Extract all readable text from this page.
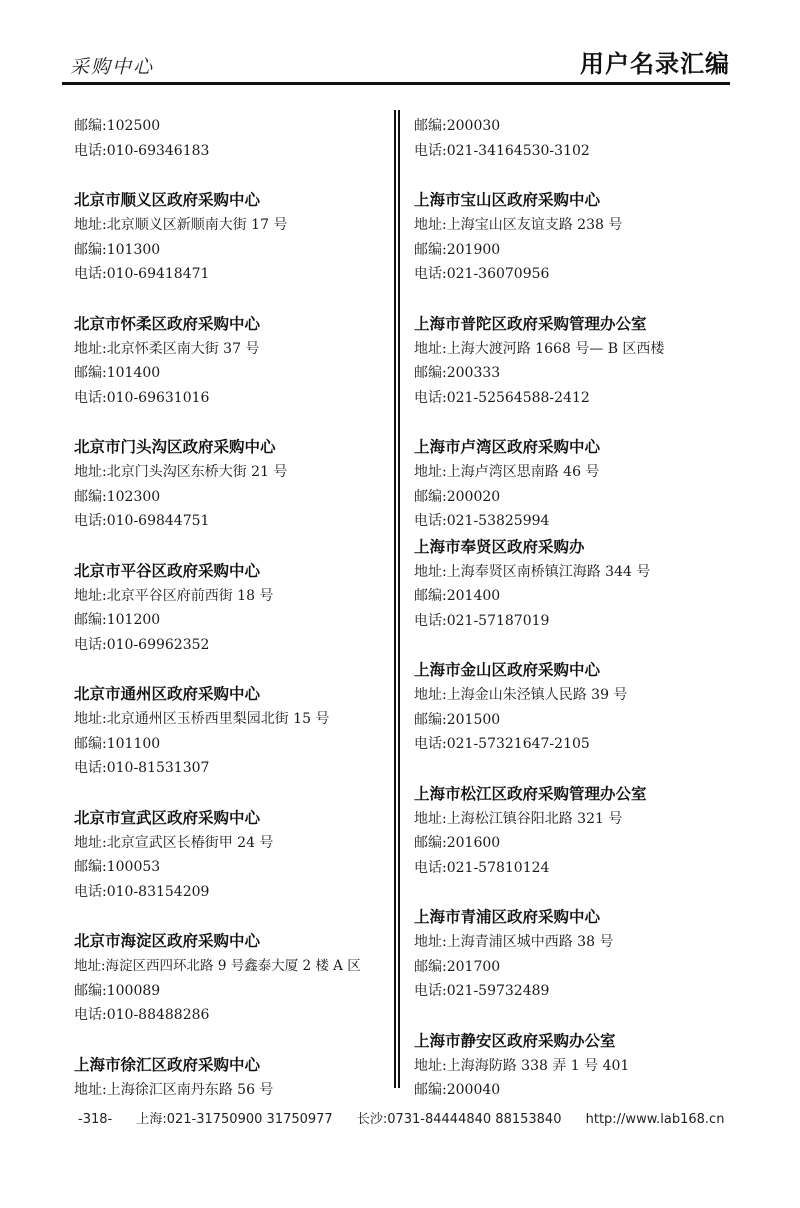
采购中心	用户名录汇编
邮编:102500
电话:010-69346183
北京市顺义区政府采购中心
地址:北京顺义区新顺南大街 17 号
邮编:101300
电话:010-69418471
北京市怀柔区政府采购中心
地址:北京怀柔区南大街 37 号
邮编:101400
电话:010-69631016
北京市门头沟区政府采购中心
地址:北京门头沟区东桥大街 21 号
邮编:102300
电话:010-69844751
北京市平谷区政府采购中心
地址:北京平谷区府前西街 18 号
邮编:101200
电话:010-69962352
北京市通州区政府采购中心
地址:北京通州区玉桥西里梨园北街 15 号
邮编:101100
电话:010-81531307
北京市宣武区政府采购中心
地址:北京宣武区长椿街甲 24 号
邮编:100053
电话:010-83154209
北京市海淀区政府采购中心
地址:海淀区西四环北路 9 号鑫泰大厦 2 楼 A 区
邮编:100089
电话:010-88488286
上海市徐汇区政府采购中心
地址:上海徐汇区南丹东路 56 号
邮编:200030
电话:021-34164530-3102
上海市宝山区政府采购中心
地址:上海宝山区友谊支路 238 号
邮编:201900
电话:021-36070956
上海市普陀区政府采购管理办公室
地址:上海大渡河路 1668 号— B 区西楼
邮编:200333
电话:021-52564588-2412
上海市卢湾区政府采购中心
地址:上海卢湾区思南路 46 号
邮编:200020
电话:021-53825994
上海市奉贤区政府采购办
地址:上海奉贤区南桥镇江海路 344 号
邮编:201400
电话:021-57187019
上海市金山区政府采购中心
地址:上海金山朱泾镇人民路 39 号
邮编:201500
电话:021-57321647-2105
上海市松江区政府采购管理办公室
地址:上海松江镇谷阳北路 321 号
邮编:201600
电话:021-57810124
上海市青浦区政府采购中心
地址:上海青浦区城中西路 38 号
邮编:201700
电话:021-59732489
上海市静安区政府采购办公室
地址:上海海防路 338 弄 1 号 401
邮编:200040
-318- 上海:021-31750900 31750977 长沙:0731-84444840 88153840 http://www.lab168.cn
